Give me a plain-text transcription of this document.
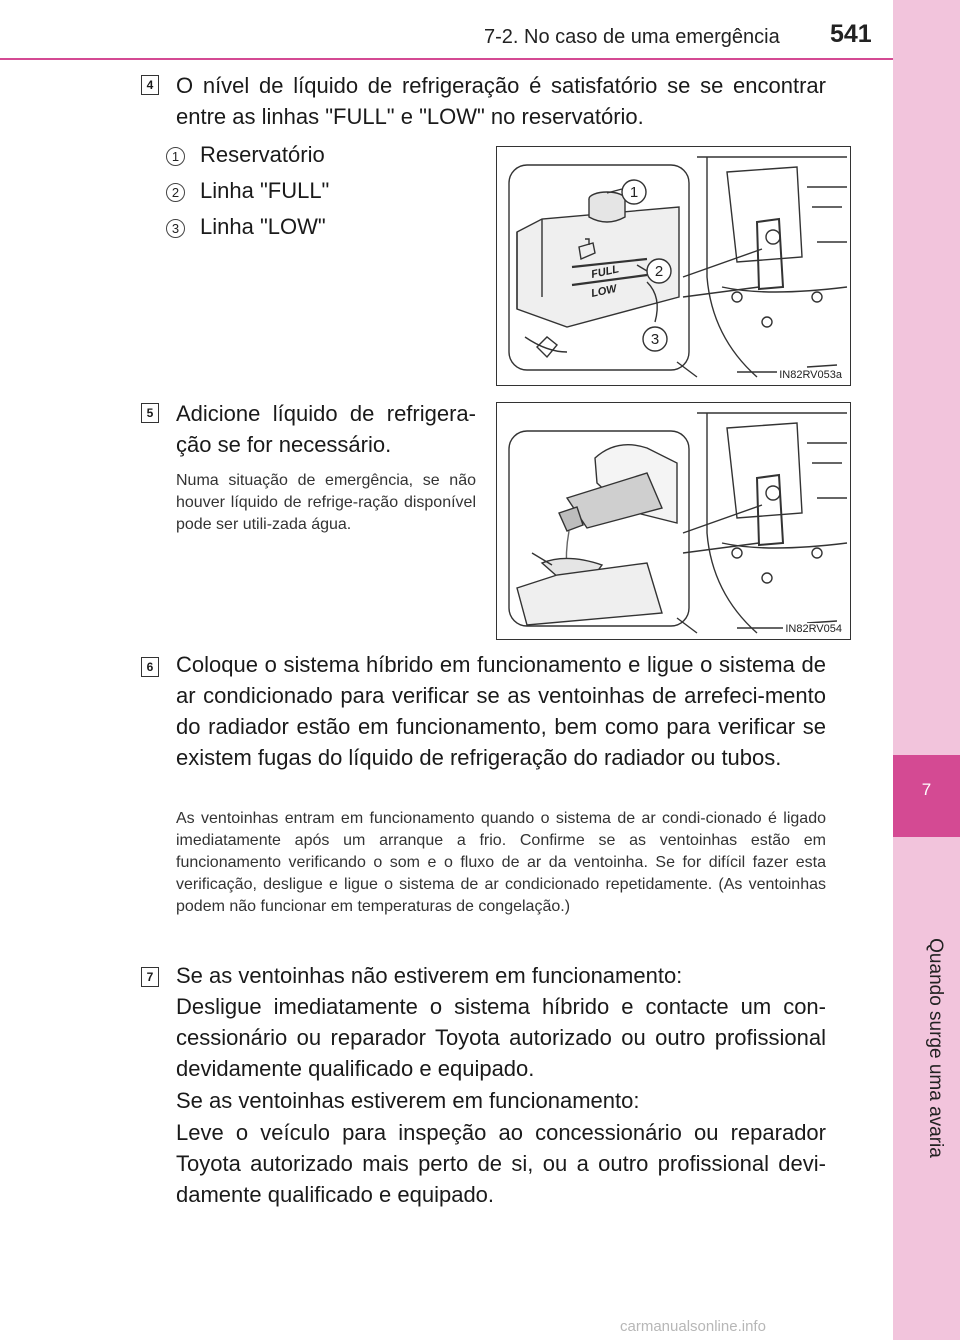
7
Quando surge uma avaria
7-2. No caso de uma emergência 541
4 O nível de líquido de refrigeração é satisfatório se se encontrar entre as linhas "FULL" e "LOW" no reservatório.
1 Reservatório
2 Linha "FULL"
3 Linha "LOW"
FULL
LOW
1
2
3
IN82RV053a
5 Adicione líquido de refrigera-ção se for necessário.
Numa situação de emergência, se não houver líquido de refrige-ração disponível pode ser utili-zada água.
IN82RV054
6 Coloque o sistema híbrido em funcionamento e ligue o sistema de ar condicionado para verificar se as ventoinhas de arrefeci-mento do radiador estão em funcionamento, bem como para verificar se existem fugas do líquido de refrigeração do radiador ou tubos.
As ventoinhas entram em funcionamento quando o sistema de ar condi-cionado é ligado imediatamente após um arranque a frio. Confirme se as ventoinhas estão em funcionamento verificando o som e o fluxo de ar da ventoinha. Se for difícil fazer esta verificação, desligue e ligue o sistema de ar condicionado repetidamente. (As ventoinhas podem não funcionar em temperaturas de congelação.)
7 Se as ventoinhas não estiverem em funcionamento:
Desligue imediatamente o sistema híbrido e contacte um con-cessionário ou reparador Toyota autorizado ou outro profissional devidamente qualificado e equipado.
Se as ventoinhas estiverem em funcionamento:
Leve o veículo para inspeção ao concessionário ou reparador Toyota autorizado mais perto de si, ou a outro profissional devi-damente qualificado e equipado.
carmanualsonline.info
